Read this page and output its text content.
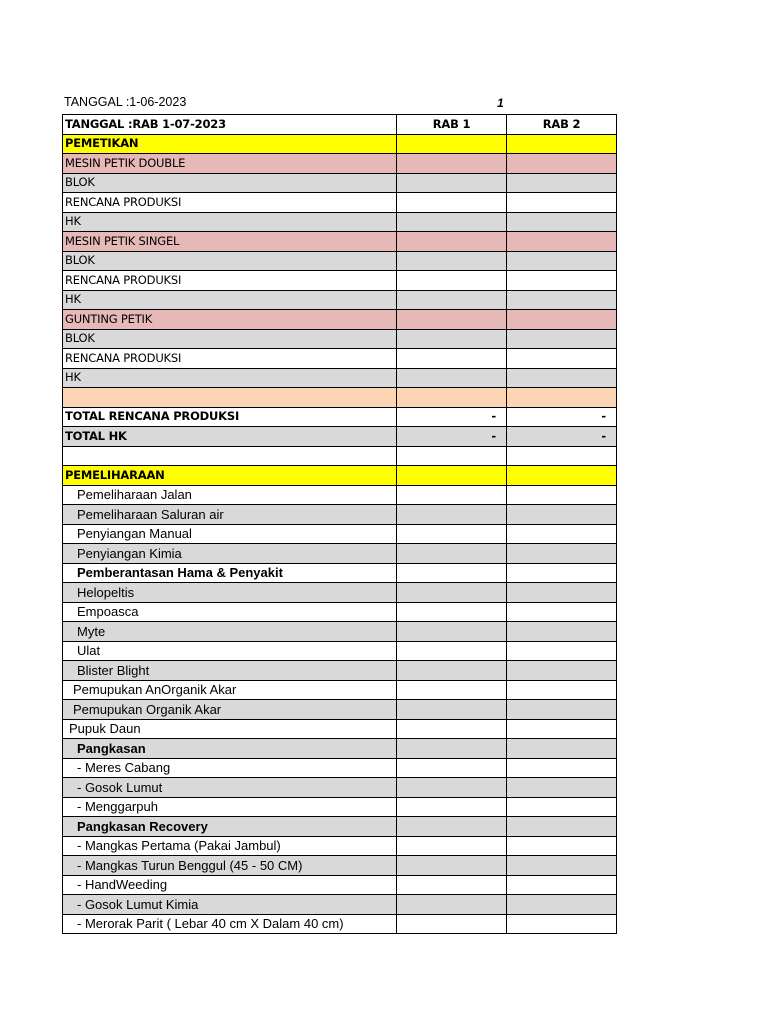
TANGGAL :1-06-2023	1
TANGGAL :RAB 1-07-2023	RAB 1	RAB 2
PEMETIKAN		
MESIN PETIK DOUBLE		
BLOK		
RENCANA PRODUKSI		
HK		
MESIN PETIK SINGEL		
BLOK		
RENCANA PRODUKSI		
HK		
GUNTING PETIK		
BLOK		
RENCANA PRODUKSI		
HK		

TOTAL RENCANA PRODUKSI	-	-
TOTAL HK	-	-

PEMELIHARAAN		
Pemeliharaan Jalan		
Pemeliharaan Saluran air		
Penyiangan Manual		
Penyiangan Kimia		
Pemberantasan Hama & Penyakit		
Helopeltis		
Empoasca		
Myte		
Ulat		
Blister Blight		
Pemupukan AnOrganik Akar		
Pemupukan Organik Akar		
Pupuk Daun		
Pangkasan		
- Meres Cabang		
- Gosok Lumut		
- Menggarpuh		
Pangkasan Recovery		
- Mangkas Pertama (Pakai Jambul)		
- Mangkas Turun Benggul (45 - 50 CM)		
- HandWeeding		
- Gosok Lumut Kimia		
- Merorak Parit ( Lebar 40 cm X Dalam 40 cm)		
